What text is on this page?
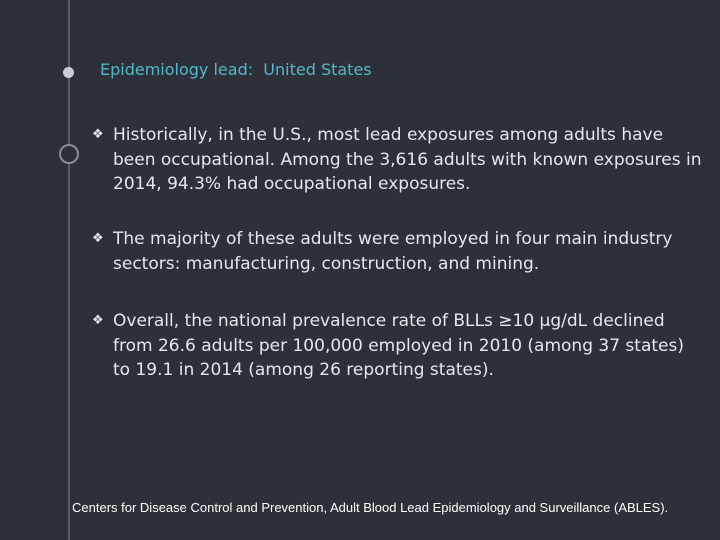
Epidemiology lead:  United States
❖ Historically, in the U.S., most lead exposures among adults have been occupational. Among the 3,616 adults with known exposures in 2014, 94.3% had occupational exposures.
❖ The majority of these adults were employed in four main industry sectors: manufacturing, construction, and mining.
❖ Overall, the national prevalence rate of BLLs ≥10 µg/dL declined from 26.6 adults per 100,000 employed in 2010 (among 37 states) to 19.1 in 2014 (among 26 reporting states).
Centers for Disease Control and Prevention, Adult Blood Lead Epidemiology and Surveillance (ABLES).
